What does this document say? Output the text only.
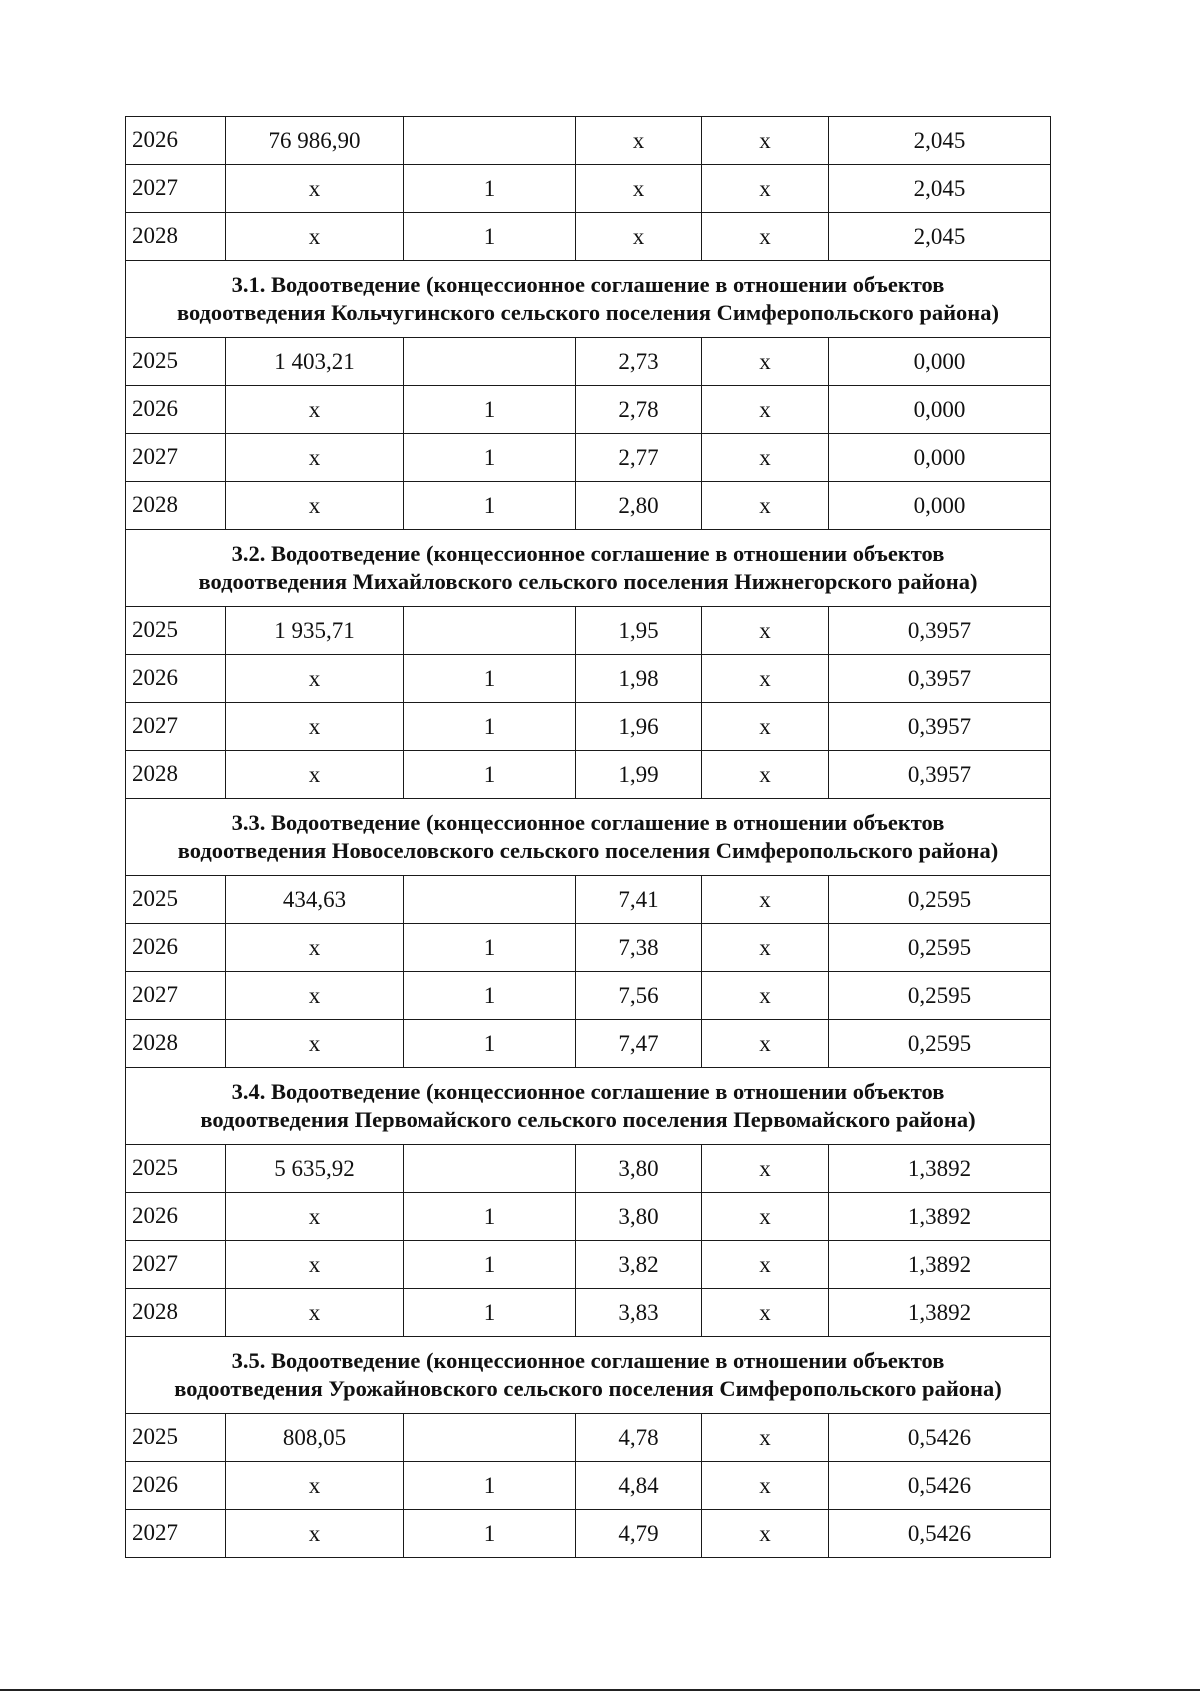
2026	76 986,90		x	x	2,045
2027	x	1	x	x	2,045
2028	x	1	x	x	2,045

3.1. Водоотведение (концессионное соглашение в отношении объектов
водоотведения Кольчугинского сельского поселения Симферопольского района)					

2025	1 403,21		2,73	x	0,000
2026	x	1	2,78	x	0,000
2027	x	1	2,77	x	0,000
2028	x	1	2,80	x	0,000

3.2. Водоотведение (концессионное соглашение в отношении объектов
водоотведения Михайловского сельского поселения Нижнегорского района)					

2025	1 935,71		1,95	x	0,3957
2026	x	1	1,98	x	0,3957
2027	x	1	1,96	x	0,3957
2028	x	1	1,99	x	0,3957

3.3. Водоотведение (концессионное соглашение в отношении объектов
водоотведения Новоселовского сельского поселения Симферопольского района)					

2025	434,63		7,41	x	0,2595
2026	x	1	7,38	x	0,2595
2027	x	1	7,56	x	0,2595
2028	x	1	7,47	x	0,2595

3.4. Водоотведение (концессионное соглашение в отношении объектов
водоотведения Первомайского сельского поселения Первомайского района)					

2025	5 635,92		3,80	x	1,3892
2026	x	1	3,80	x	1,3892
2027	x	1	3,82	x	1,3892
2028	x	1	3,83	x	1,3892

3.5. Водоотведение (концессионное соглашение в отношении объектов
водоотведения Урожайновского сельского поселения Симферопольского района)					

2025	808,05		4,78	x	0,5426
2026	x	1	4,84	x	0,5426
2027	x	1	4,79	x	0,5426
